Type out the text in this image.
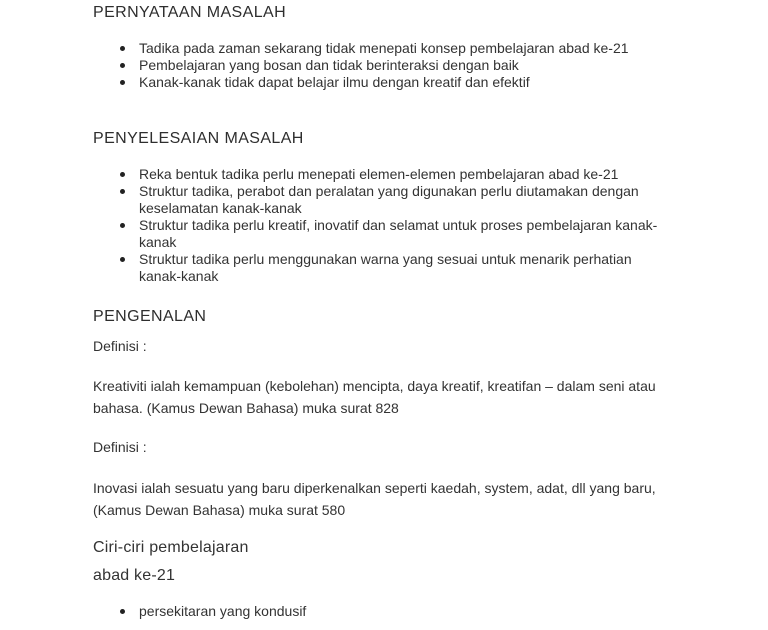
PERNYATAAN MASALAH
Tadika pada zaman sekarang tidak menepati konsep pembelajaran abad ke-21
Pembelajaran yang bosan dan tidak berinteraksi dengan baik
Kanak-kanak tidak dapat belajar ilmu dengan kreatif dan efektif
PENYELESAIAN MASALAH
Reka bentuk tadika perlu menepati elemen-elemen pembelajaran abad ke-21
Struktur tadika, perabot dan peralatan yang digunakan perlu diutamakan dengan keselamatan kanak-kanak
Struktur tadika perlu kreatif, inovatif dan selamat untuk proses pembelajaran kanak-kanak
Struktur tadika perlu menggunakan warna yang sesuai untuk menarik perhatian kanak-kanak
PENGENALAN

Definisi :

Kreativiti ialah kemampuan (kebolehan) mencipta, daya kreatif, kreatifan – dalam seni atau bahasa. (Kamus Dewan Bahasa) muka surat 828

Definisi :

Inovasi ialah sesuatu yang baru diperkenalkan seperti kaedah, system, adat, dll yang baru, (Kamus Dewan Bahasa) muka surat 580

Ciri-ciri pembelajaran
abad ke-21
persekitaran yang kondusif
